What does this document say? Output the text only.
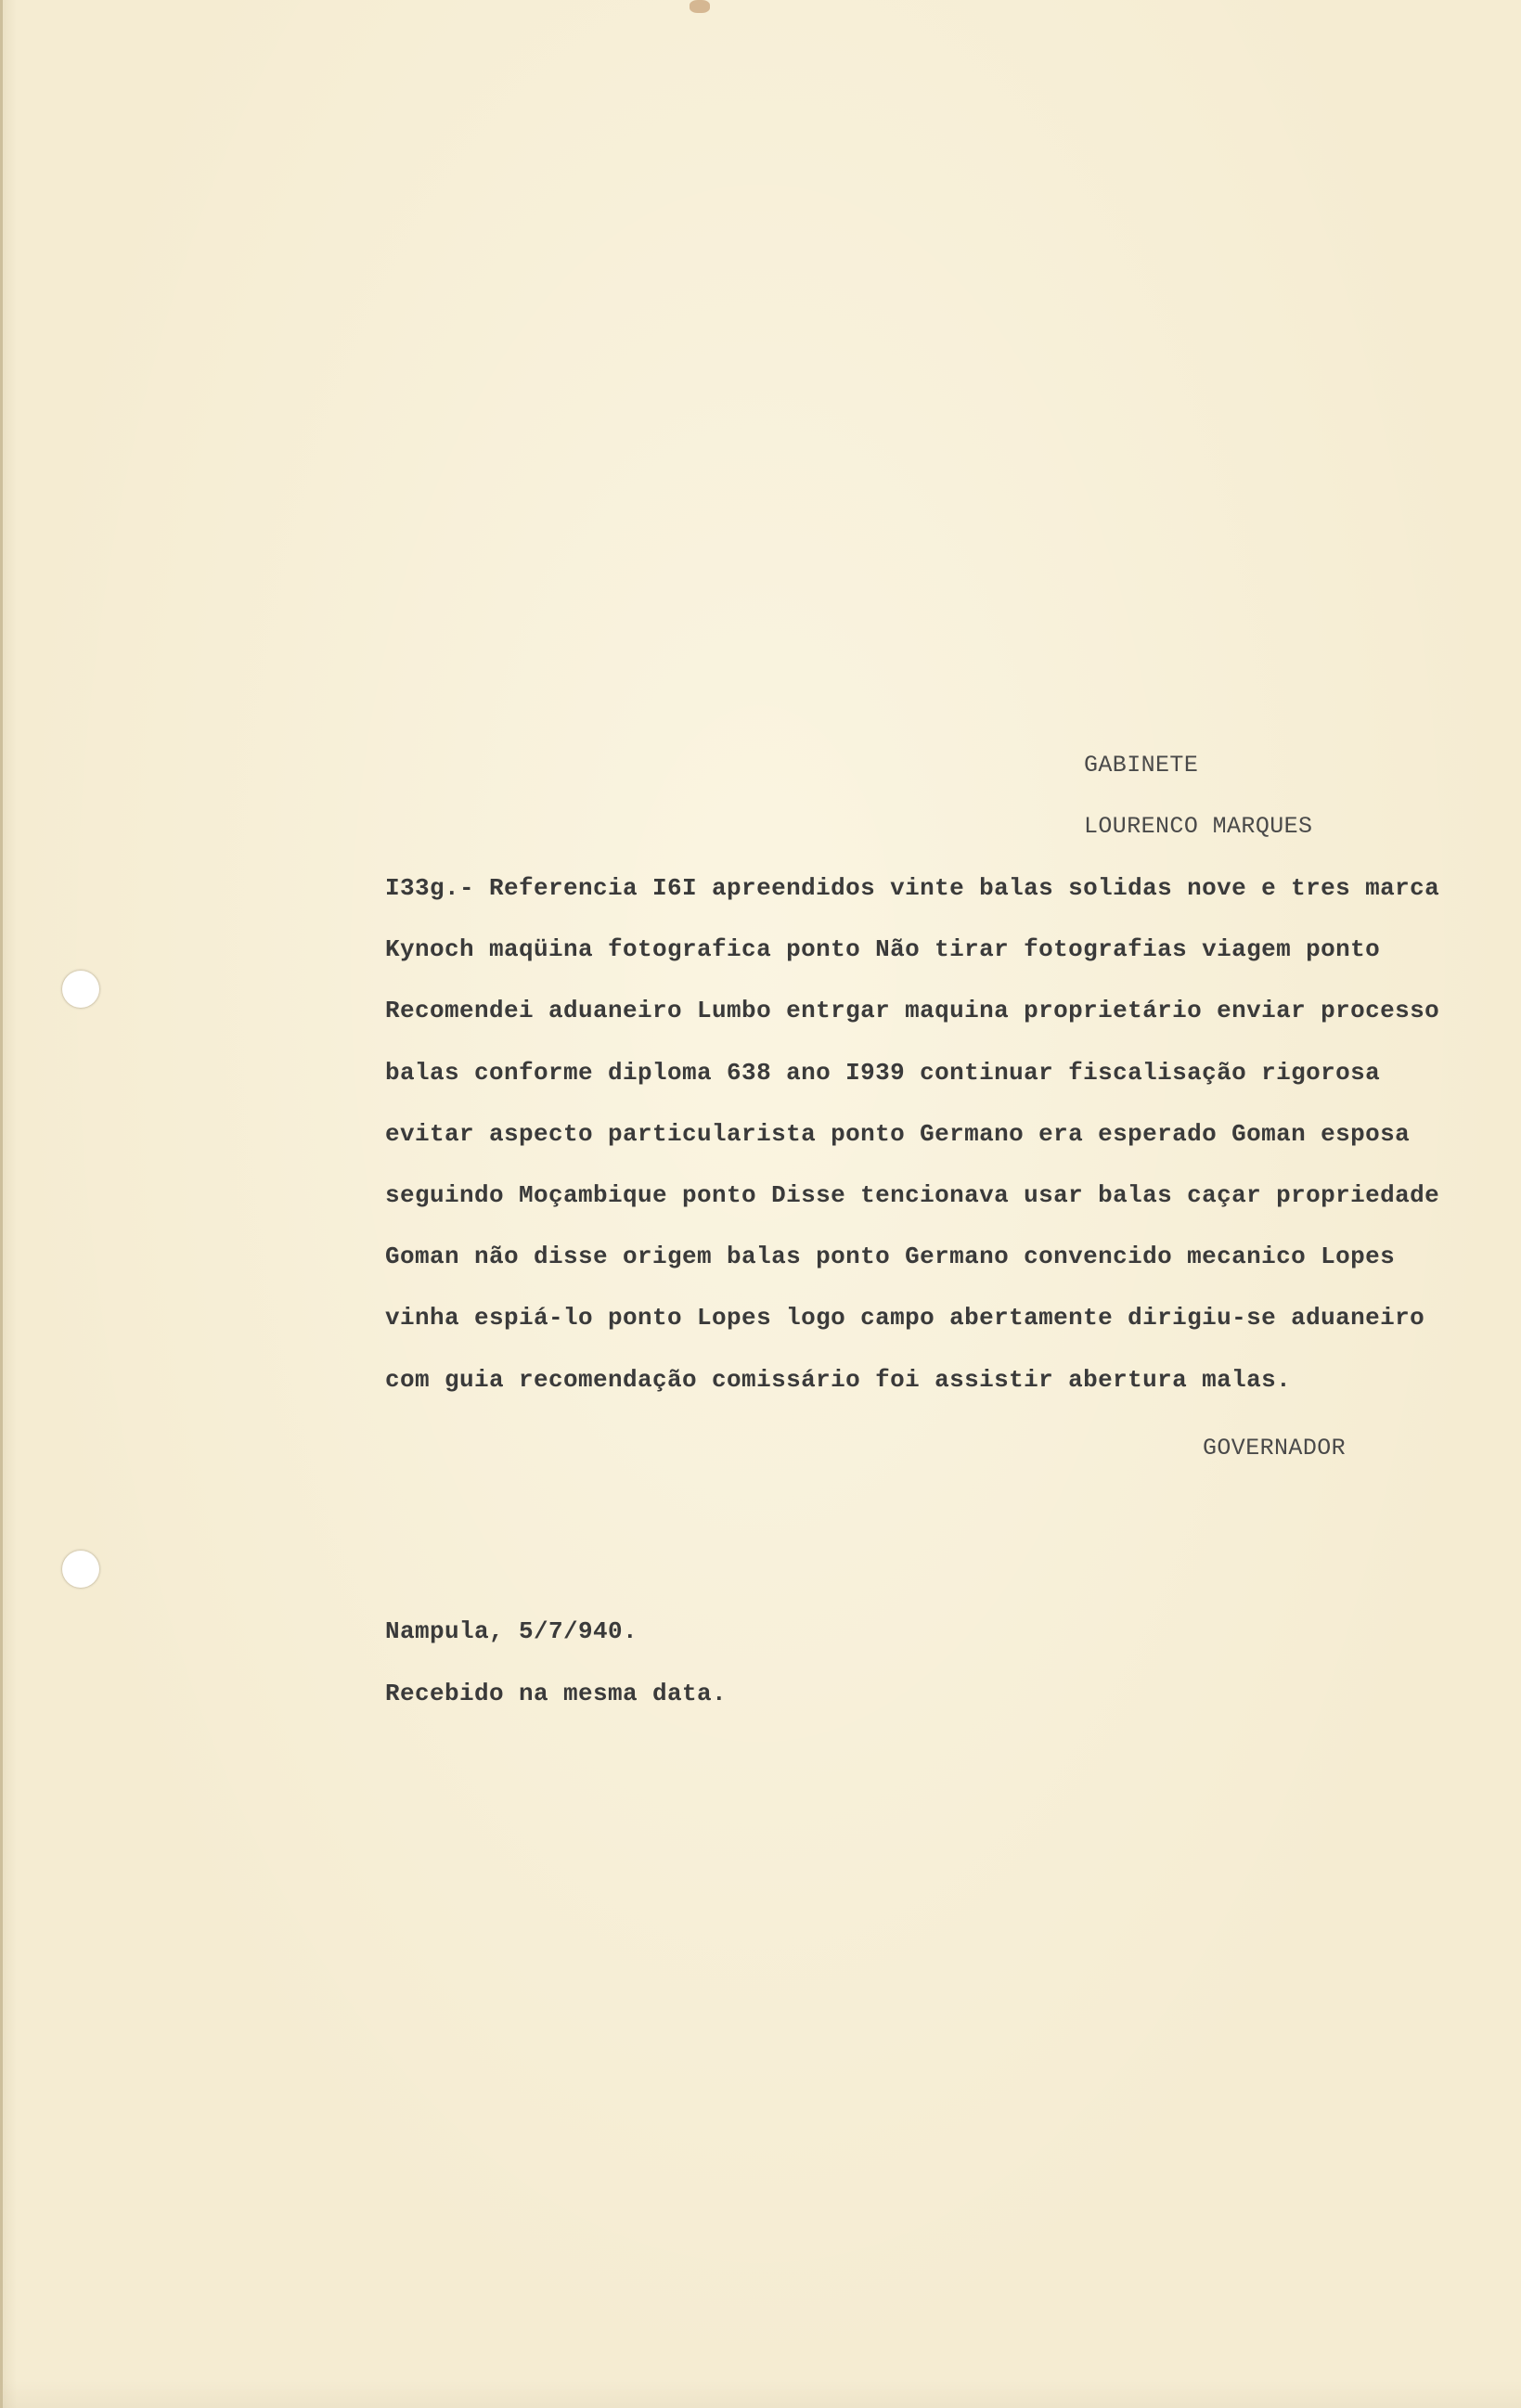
GABINETE

LOURENCO MARQUES

I33g.- Referencia I6I apreendidos vinte balas solidas nove e tres marca

Kynoch maqüina fotografica ponto Não tirar fotografias viagem ponto

Recomendei aduaneiro Lumbo entrgar maquina proprietário enviar processo

balas conforme diploma 638 ano I939 continuar fiscalisação rigorosa

evitar aspecto particularista ponto Germano era esperado Goman esposa

seguindo Moçambique ponto Disse tencionava usar balas caçar propriedade

Goman não disse origem balas ponto Germano convencido mecanico Lopes

vinha espiá-lo ponto Lopes logo campo abertamente dirigiu-se aduaneiro

com guia recomendação comissário foi assistir abertura malas.

GOVERNADOR

Nampula, 5/7/940.

Recebido na mesma data.
